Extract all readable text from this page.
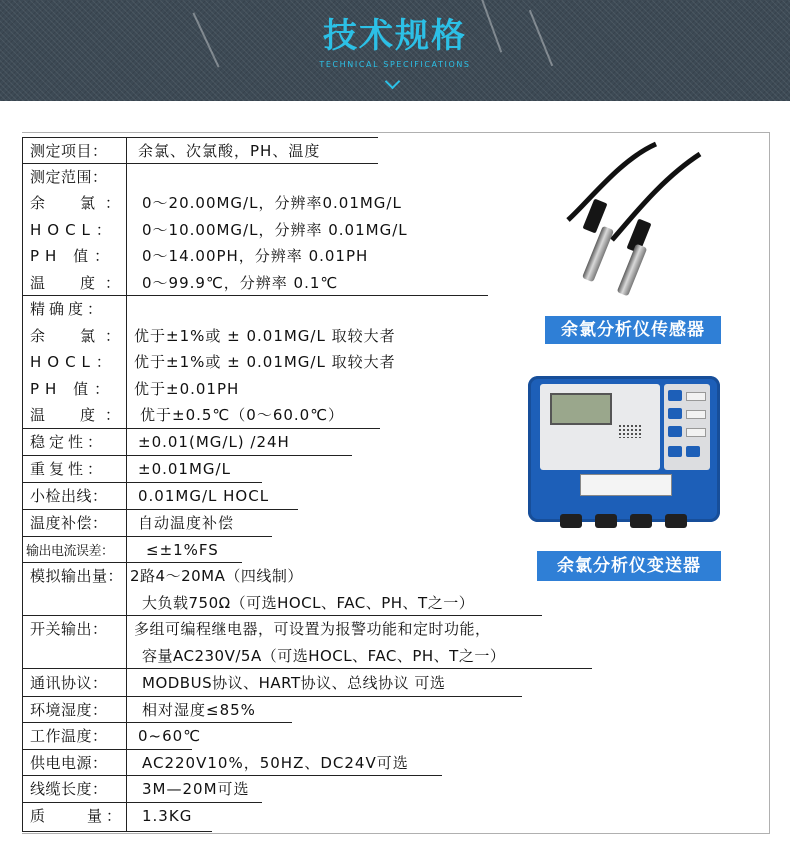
技术规格
TECHNICAL SPECIFICATIONS
测定项目： 余氯、次氯酸，PH、温度
测定范围：
余　氯： 0～20.00MG/L，分辨率0.01MG/L
HOCL： 0～10.00MG/L，分辨率 0.01MG/L
PH 值： 0～14.00PH，分辨率 0.01PH
温　度： 0～99.9℃，分辨率 0.1℃
精确度：
余　氯： 优于±1%或 ± 0.01MG/L 取较大者
HOCL： 优于±1%或 ± 0.01MG/L 取较大者
PH 值： 优于±0.01PH
温　度： 优于±0.5℃（0～60.0℃）
稳定性： ±0.01(MG/L) /24H
重复性： ±0.01MG/L
小检出线： 0.01MG/L HOCL
温度补偿： 自动温度补偿
输出电流误差： ≤±1%FS
模拟输出量： 2路4～20MA（四线制）
大负载750Ω（可选HOCL、FAC、PH、T之一）
开关输出： 多组可编程继电器，可设置为报警功能和定时功能，
容量AC230V/5A（可选HOCL、FAC、PH、T之一）
通讯协议： MODBUS协议、HART协议、总线协议 可选
环境湿度： 相对湿度≤85%
工作温度： 0~60℃
供电电源： AC220V10%，50HZ、DC24V可选
线缆长度： 3M—20M可选
质　　量： 1.3KG
余氯分析仪传感器
余氯分析仪变送器
